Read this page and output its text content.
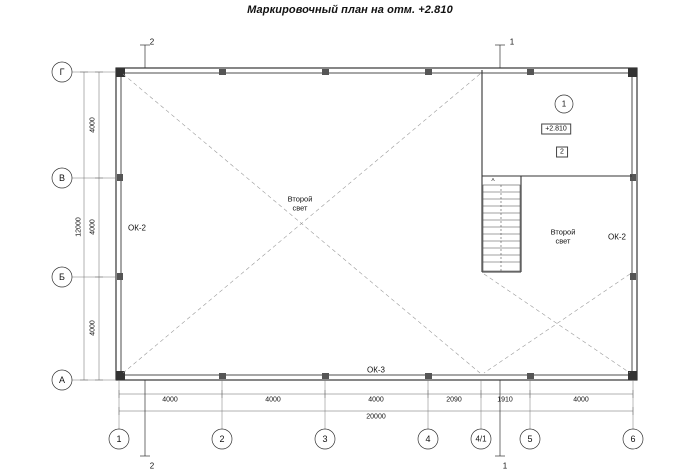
Маркировочный план на отм. +2.810
2	1
2	1
Г
В
Б
А
1	2	3	4	4/1	5	6
4000	4000	4000	2090	1910	4000
20000
4000
12000 4000
4000
Второй
свет
Второй
свет
ОК-2
ОК-2
ОК-3
1
+2.810
2
^
